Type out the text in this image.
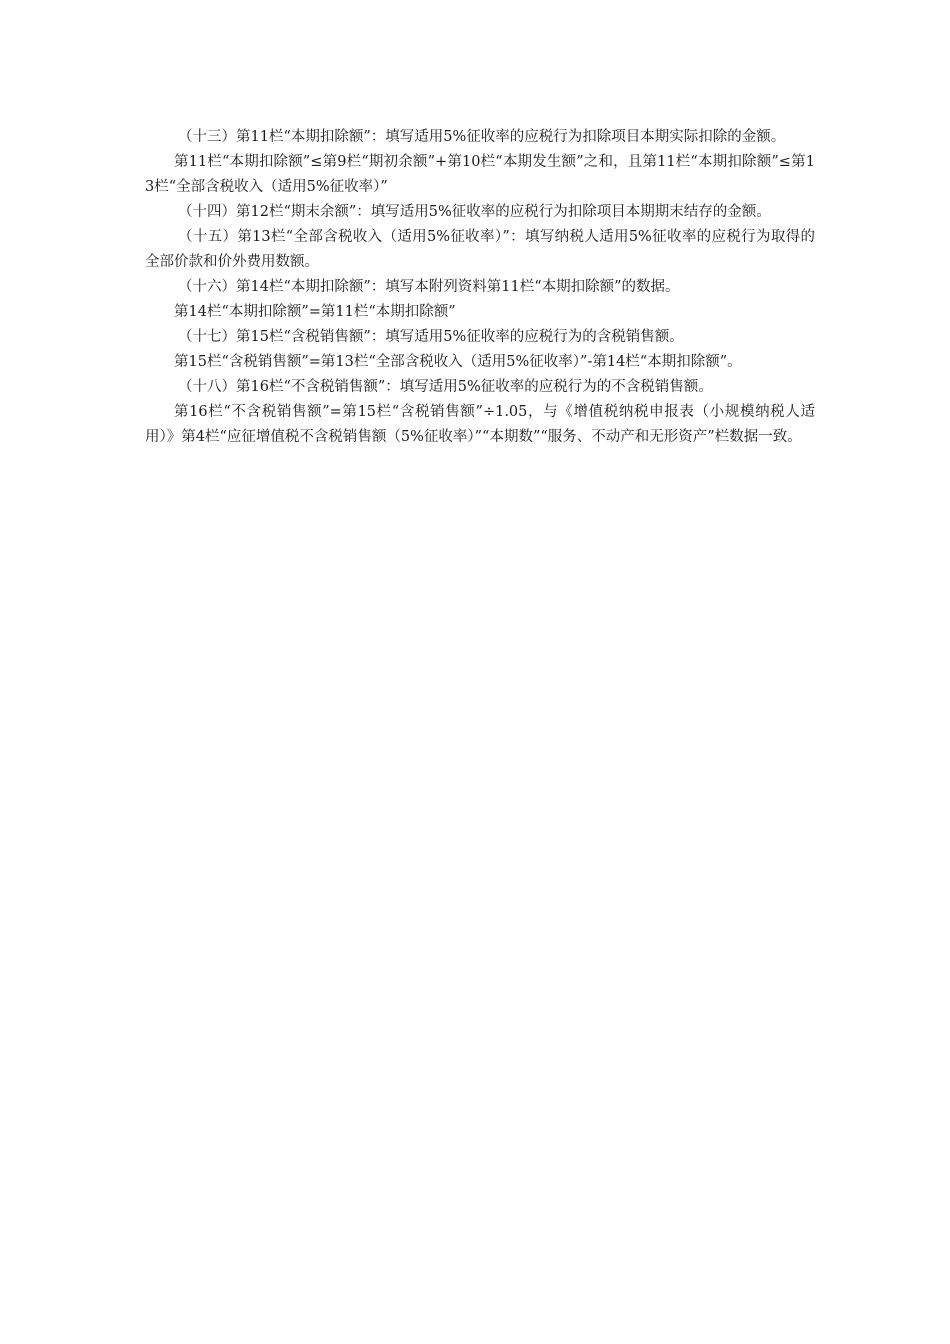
（十三）第11栏“本期扣除额”：填写适用5%征收率的应税行为扣除项目本期实际扣除的金额。

第11栏“本期扣除额”≤第9栏“期初余额”+第10栏“本期发生额”之和，且第11栏“本期扣除额”≤第13栏“全部含税收入（适用5%征收率）”

（十四）第12栏“期末余额”：填写适用5%征收率的应税行为扣除项目本期期末结存的金额。

（十五）第13栏“全部含税收入（适用5%征收率）”：填写纳税人适用5%征收率的应税行为取得的全部价款和价外费用数额。

（十六）第14栏“本期扣除额”：填写本附列资料第11栏“本期扣除额”的数据。

第14栏“本期扣除额”=第11栏“本期扣除额”

（十七）第15栏“含税销售额”：填写适用5%征收率的应税行为的含税销售额。

第15栏“含税销售额”=第13栏“全部含税收入（适用5%征收率）”-第14栏“本期扣除额”。

（十八）第16栏“不含税销售额”：填写适用5%征收率的应税行为的不含税销售额。

第16栏“不含税销售额”=第15栏“含税销售额”÷1.05，与《增值税纳税申报表（小规模纳税人适用）》第4栏“应征增值税不含税销售额（5%征收率）”“本期数”“服务、不动产和无形资产”栏数据一致。
